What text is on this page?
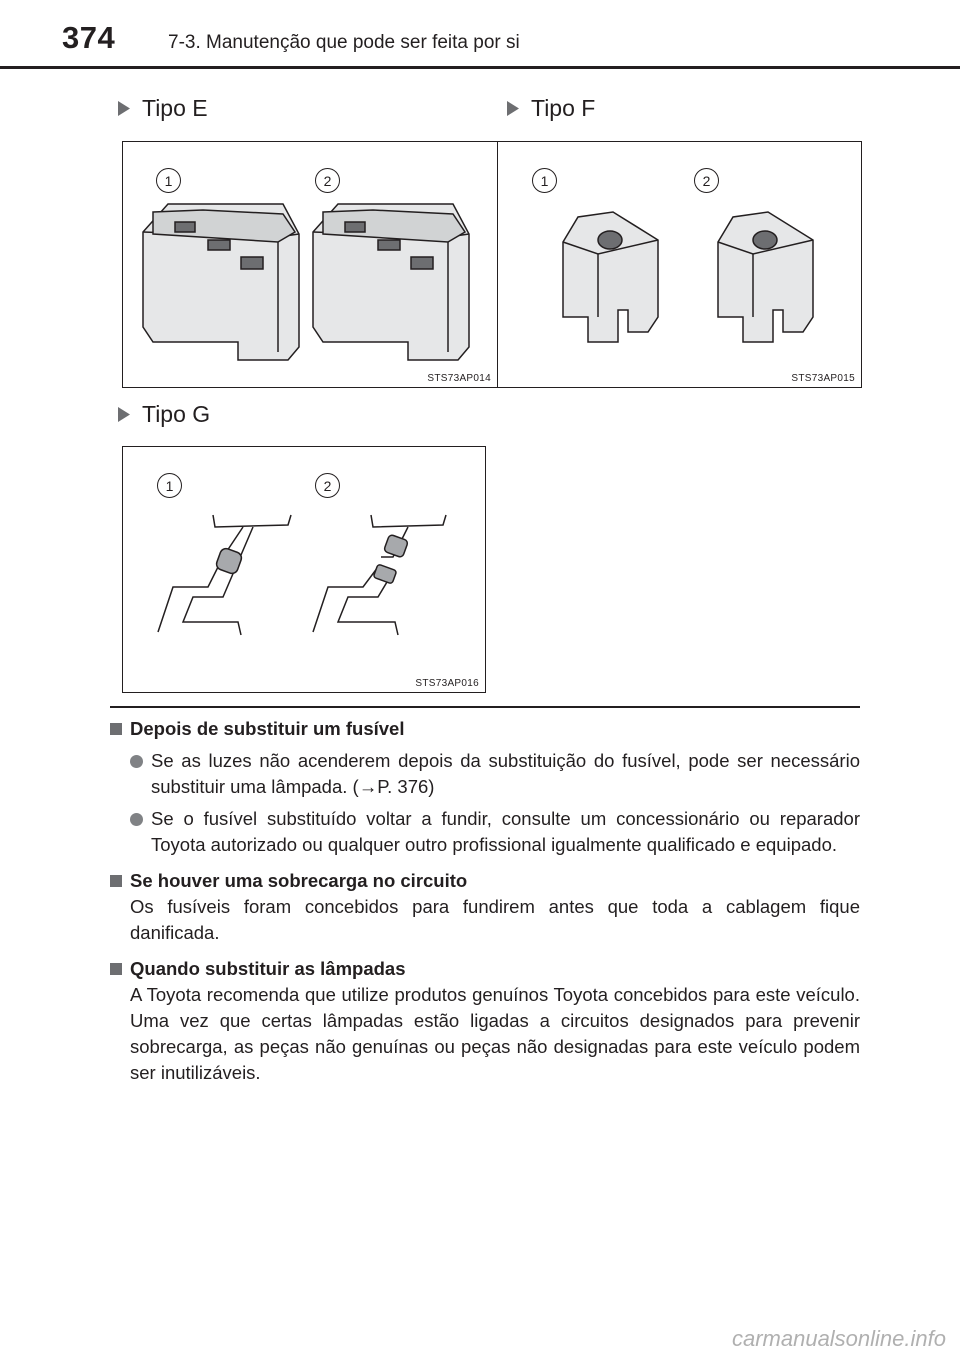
374	7-3. Manutenção que pode ser feita por si
Tipo E	Tipo F
1	2
STS73AP014
1	2
STS73AP015
Tipo G
1	2
STS73AP016
Depois de substituir um fusível
Se as luzes não acenderem depois da substituição do fusível, pode ser necessário substituir uma lâmpada. (→P. 376)
Se o fusível substituído voltar a fundir, consulte um concessionário ou reparador Toyota autorizado ou qualquer outro profissional igualmente qualificado e equipado.
Se houver uma sobrecarga no circuito
Os fusíveis foram concebidos para fundirem antes que toda a cablagem fique danificada.
Quando substituir as lâmpadas
A Toyota recomenda que utilize produtos genuínos Toyota concebidos para este veículo. Uma vez que certas lâmpadas estão ligadas a circuitos designados para prevenir sobrecarga, as peças não genuínas ou peças não designadas para este veículo podem ser inutilizáveis.
carmanualsonline.info
